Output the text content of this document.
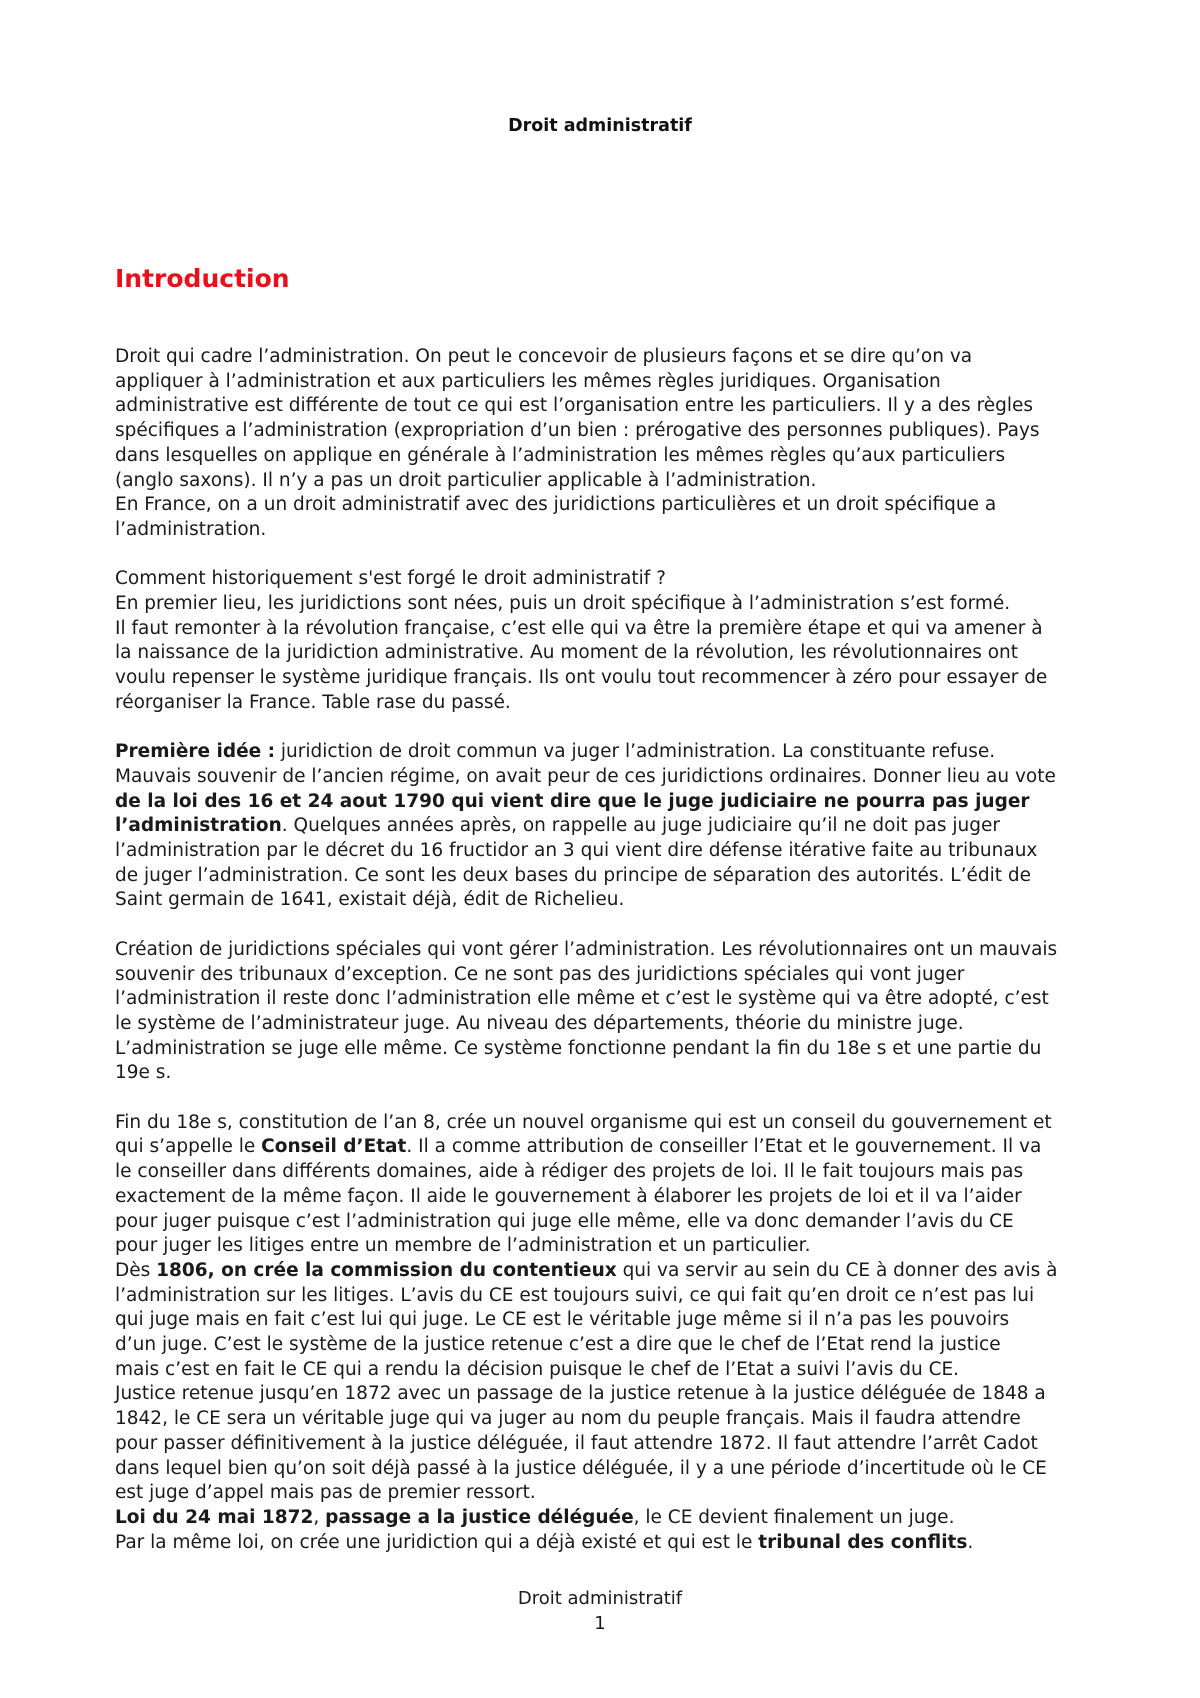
Droit administratif
Introduction

Droit qui cadre l’administration. On peut le concevoir de plusieurs façons et se dire qu’on va
appliquer à l’administration et aux particuliers les mêmes règles juridiques. Organisation
administrative est différente de tout ce qui est l’organisation entre les particuliers. Il y a des règles
spécifiques a l’administration (expropriation d’un bien : prérogative des personnes publiques). Pays
dans lesquelles on applique en générale à l’administration les mêmes règles qu’aux particuliers
(anglo saxons). Il n’y a pas un droit particulier applicable à l’administration.
En France, on a un droit administratif avec des juridictions particulières et un droit spécifique a
l’administration.

Comment historiquement s'est forgé le droit administratif ?
En premier lieu, les juridictions sont nées, puis un droit spécifique à l’administration s’est formé.
Il faut remonter à la révolution française, c’est elle qui va être la première étape et qui va amener à
la naissance de la juridiction administrative. Au moment de la révolution, les révolutionnaires ont
voulu repenser le système juridique français. Ils ont voulu tout recommencer à zéro pour essayer de
réorganiser la France. Table rase du passé.

Première idée : juridiction de droit commun va juger l’administration. La constituante refuse.
Mauvais souvenir de l’ancien régime, on avait peur de ces juridictions ordinaires. Donner lieu au vote
de la loi des 16 et 24 aout 1790 qui vient dire que le juge judiciaire ne pourra pas juger
l’administration. Quelques années après, on rappelle au juge judiciaire qu’il ne doit pas juger
l’administration par le décret du 16 fructidor an 3 qui vient dire défense itérative faite au tribunaux
de juger l’administration. Ce sont les deux bases du principe de séparation des autorités. L’édit de
Saint germain de 1641, existait déjà, édit de Richelieu.

Création de juridictions spéciales qui vont gérer l’administration. Les révolutionnaires ont un mauvais
souvenir des tribunaux d’exception. Ce ne sont pas des juridictions spéciales qui vont juger
l’administration il reste donc l’administration elle même et c’est le système qui va être adopté, c’est
le système de l’administrateur juge. Au niveau des départements, théorie du ministre juge.
L’administration se juge elle même. Ce système fonctionne pendant la fin du 18e s et une partie du
19e s.

Fin du 18e s, constitution de l’an 8, crée un nouvel organisme qui est un conseil du gouvernement et
qui s’appelle le Conseil d’Etat. Il a comme attribution de conseiller l’Etat et le gouvernement. Il va
le conseiller dans différents domaines, aide à rédiger des projets de loi. Il le fait toujours mais pas
exactement de la même façon. Il aide le gouvernement à élaborer les projets de loi et il va l’aider
pour juger puisque c’est l’administration qui juge elle même, elle va donc demander l’avis du CE
pour juger les litiges entre un membre de l’administration et un particulier.
Dès 1806, on crée la commission du contentieux qui va servir au sein du CE à donner des avis à
l’administration sur les litiges. L’avis du CE est toujours suivi, ce qui fait qu’en droit ce n’est pas lui
qui juge mais en fait c’est lui qui juge. Le CE est le véritable juge même si il n’a pas les pouvoirs
d’un juge. C’est le système de la justice retenue c’est a dire que le chef de l’Etat rend la justice
mais c’est en fait le CE qui a rendu la décision puisque le chef de l’Etat a suivi l’avis du CE.
Justice retenue jusqu’en 1872 avec un passage de la justice retenue à la justice déléguée de 1848 a
1842, le CE sera un véritable juge qui va juger au nom du peuple français. Mais il faudra attendre
pour passer définitivement à la justice déléguée, il faut attendre 1872. Il faut attendre l’arrêt Cadot
dans lequel bien qu’on soit déjà passé à la justice déléguée, il y a une période d’incertitude où le CE
est juge d’appel mais pas de premier ressort.
Loi du 24 mai 1872, passage a la justice déléguée, le CE devient finalement un juge.
Par la même loi, on crée une juridiction qui a déjà existé et qui est le tribunal des conflits.

Droit administratif
1
